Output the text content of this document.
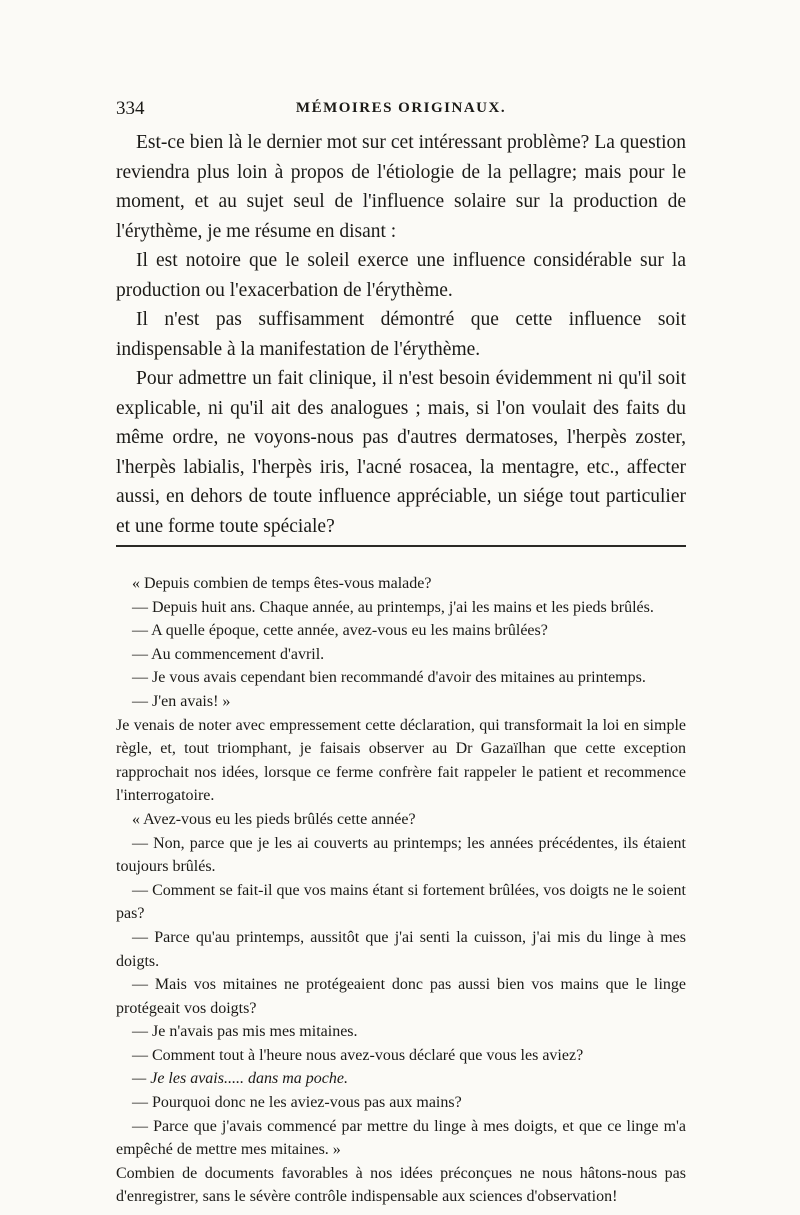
334	MÉMOIRES ORIGINAUX.

Est-ce bien là le dernier mot sur cet intéressant problème? La question reviendra plus loin à propos de l'étiologie de la pellagre; mais pour le moment, et au sujet seul de l'influence solaire sur la production de l'érythème, je me résume en disant :

Il est notoire que le soleil exerce une influence considérable sur la production ou l'exacerbation de l'érythème.

Il n'est pas suffisamment démontré que cette influence soit indispensable à la manifestation de l'érythème.

Pour admettre un fait clinique, il n'est besoin évidemment ni qu'il soit explicable, ni qu'il ait des analogues ; mais, si l'on voulait des faits du même ordre, ne voyons-nous pas d'autres dermatoses, l'herpès zoster, l'herpès labialis, l'herpès iris, l'acné rosacea, la mentagre, etc., affecter aussi, en dehors de toute influence appréciable, un siége tout particulier et une forme toute spéciale?

« Depuis combien de temps êtes-vous malade?

— Depuis huit ans. Chaque année, au printemps, j'ai les mains et les pieds brûlés.

— A quelle époque, cette année, avez-vous eu les mains brûlées?

— Au commencement d'avril.

— Je vous avais cependant bien recommandé d'avoir des mitaines au printemps.

— J'en avais! »

Je venais de noter avec empressement cette déclaration, qui transformait la loi en simple règle, et, tout triomphant, je faisais observer au Dr Gazaïlhan que cette exception rapprochait nos idées, lorsque ce ferme confrère fait rappeler le patient et recommence l'interrogatoire.

« Avez-vous eu les pieds brûlés cette année?

— Non, parce que je les ai couverts au printemps; les années précédentes, ils étaient toujours brûlés.

— Comment se fait-il que vos mains étant si fortement brûlées, vos doigts ne le soient pas?

— Parce qu'au printemps, aussitôt que j'ai senti la cuisson, j'ai mis du linge à mes doigts.

— Mais vos mitaines ne protégeaient donc pas aussi bien vos mains que le linge protégeait vos doigts?

— Je n'avais pas mis mes mitaines.

— Comment tout à l'heure nous avez-vous déclaré que vous les aviez?

— Je les avais..... dans ma poche.

— Pourquoi donc ne les aviez-vous pas aux mains?

— Parce que j'avais commencé par mettre du linge à mes doigts, et que ce linge m'a empêché de mettre mes mitaines. »

Combien de documents favorables à nos idées préconçues ne nous hâtons-nous pas d'enregistrer, sans le sévère contrôle indispensable aux sciences d'observation!
